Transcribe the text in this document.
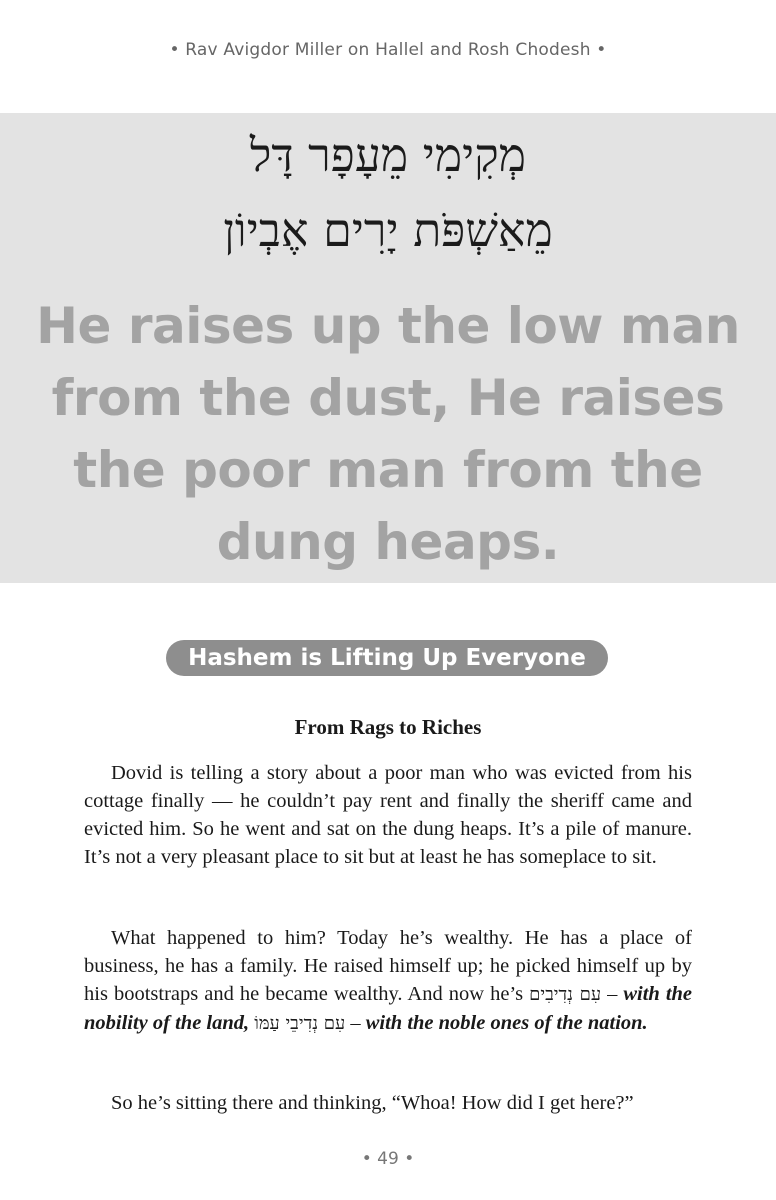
• Rav Avigdor Miller on Hallel and Rosh Chodesh •
מְקִימִי מֵעָפָר דָּל
מֵאַשְׁפֹּת יָרִים אֶבְיוֹן
He raises up the low man from the dust, He raises the poor man from the dung heaps.
Hashem is Lifting Up Everyone
From Rags to Riches

Dovid is telling a story about a poor man who was evicted from his cottage finally — he couldn’t pay rent and finally the sheriff came and evicted him. So he went and sat on the dung heaps. It’s a pile of manure. It’s not a very pleasant place to sit but at least he has someplace to sit.

What happened to him? Today he’s wealthy. He has a place of business, he has a family. He raised himself up; he picked himself up by his bootstraps and he became wealthy. And now he’s עִם נְדִיבִים – with the nobility of the land, עִם נְדִיבֵי עַמּוֹ – with the noble ones of the nation.

So he’s sitting there and thinking, “Whoa! How did I get here?”

• 49 •
